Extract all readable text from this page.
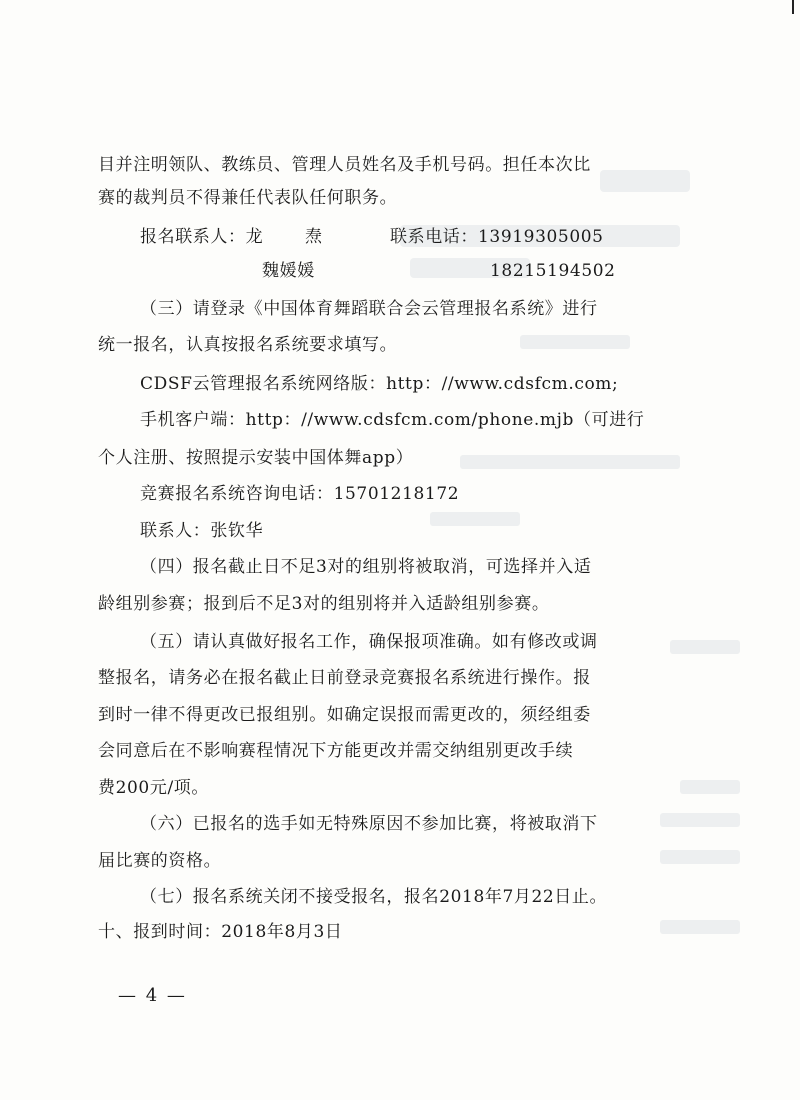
目并注明领队、教练员、管理人员姓名及手机号码。担任本次比
赛的裁判员不得兼任代表队任何职务。
报名联系人：龙 焘	联系电话：13919305005
魏媛媛	18215194502
（三）请登录《中国体育舞蹈联合会云管理报名系统》进行
统一报名，认真按报名系统要求填写。
CDSF云管理报名系统网络版：http：//www.cdsfcm.com;
手机客户端：http：//www.cdsfcm.com/phone.mjb（可进行
个人注册、按照提示安装中国体舞app）
竞赛报名系统咨询电话：15701218172
联系人：张钦华
（四）报名截止日不足3对的组别将被取消，可选择并入适
龄组别参赛；报到后不足3对的组别将并入适龄组别参赛。
（五）请认真做好报名工作，确保报项准确。如有修改或调
整报名，请务必在报名截止日前登录竞赛报名系统进行操作。报
到时一律不得更改已报组别。如确定误报而需更改的，须经组委
会同意后在不影响赛程情况下方能更改并需交纳组别更改手续
费200元/项。
（六）已报名的选手如无特殊原因不参加比赛，将被取消下
届比赛的资格。
（七）报名系统关闭不接受报名，报名2018年7月22日止。
十、报到时间：2018年8月3日
— 4 —
